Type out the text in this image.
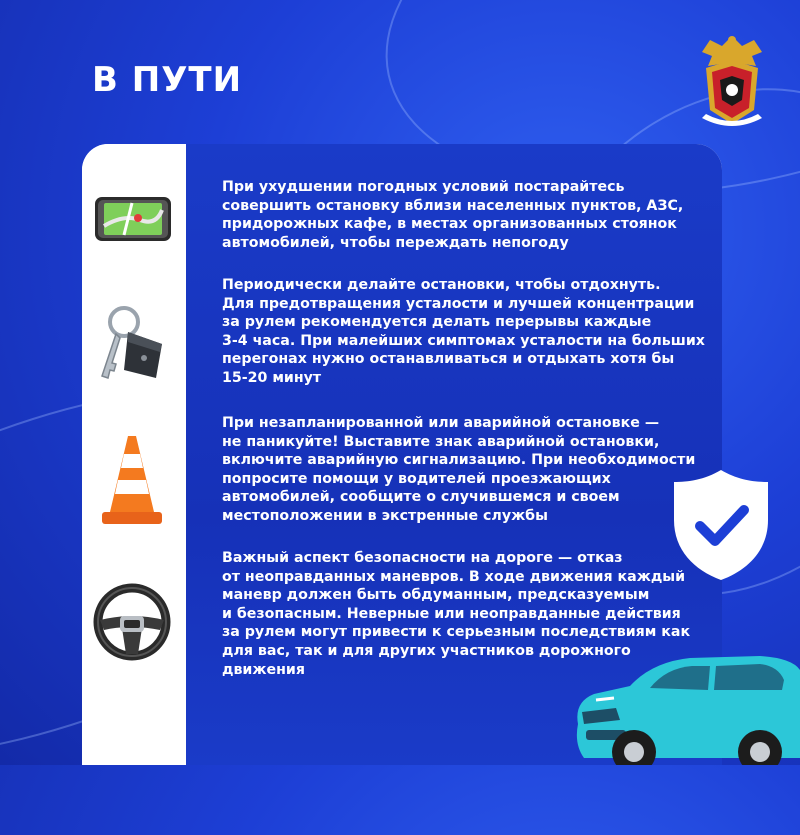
В ПУТИ
При ухудшении погодных условий постарайтесь
совершить остановку вблизи населенных пунктов, АЗС,
придорожных кафе, в местах организованных стоянок
автомобилей, чтобы переждать непогоду
Периодически делайте остановки, чтобы отдохнуть.
Для предотвращения усталости и лучшей концентрации
за рулем рекомендуется делать перерывы каждые
3-4 часа. При малейших симптомах усталости на больших
перегонах нужно останавливаться и отдыхать хотя бы
15-20 минут
При незапланированной или аварийной остановке —
не паникуйте! Выставите знак аварийной остановки,
включите аварийную сигнализацию. При необходимости
попросите помощи у водителей проезжающих
автомобилей, сообщите о случившемся и своем
местоположении в экстренные службы
Важный аспект безопасности на дороге — отказ
от неоправданных маневров. В ходе движения каждый
маневр должен быть обдуманным, предсказуемым
и безопасным. Неверные или неоправданные действия
за рулем могут привести к серьезным последствиям как
для вас, так и для других участников дорожного
движения
